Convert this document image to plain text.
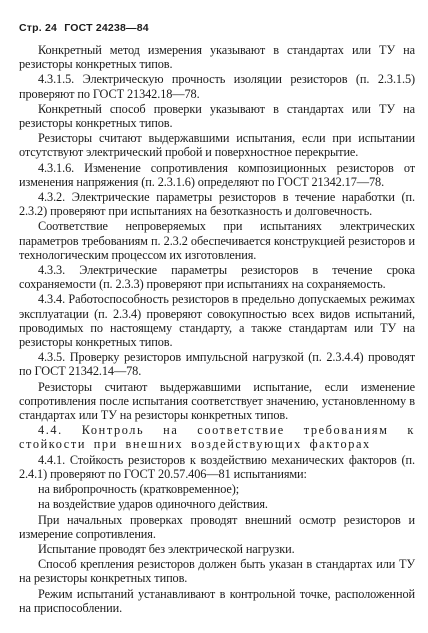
Стр. 24 ГОСТ 24238—84

Конкретный метод измерения указывают в стандартах или ТУ на резисторы конкретных типов.

4.3.1.5. Электрическую прочность изоляции резисторов (п. 2.3.1.5) проверяют по ГОСТ 21342.18—78.

Конкретный способ проверки указывают в стандартах или ТУ на резисторы конкретных типов.

Резисторы считают выдержавшими испытания, если при испытании отсутствуют электрический пробой и поверхностное перекрытие.

4.3.1.6. Изменение сопротивления композиционных резисторов от изменения напряжения (п. 2.3.1.6) определяют по ГОСТ 21342.17—78.

4.3.2. Электрические параметры резисторов в течение наработки (п. 2.3.2) проверяют при испытаниях на безотказность и долговечность.

Соответствие непроверяемых при испытаниях электрических параметров требованиям п. 2.3.2 обеспечивается конструкцией резисторов и технологическим процессом их изготовления.

4.3.3. Электрические параметры резисторов в течение срока сохраняемости (п. 2.3.3) проверяют при испытаниях на сохраняемость.

4.3.4. Работоспособность резисторов в предельно допускаемых режимах эксплуатации (п. 2.3.4) проверяют совокупностью всех видов испытаний, проводимых по настоящему стандарту, а также стандартам или ТУ на резисторы конкретных типов.

4.3.5. Проверку резисторов импульсной нагрузкой (п. 2.3.4.4) проводят по ГОСТ 21342.14—78.

Резисторы считают выдержавшими испытание, если изменение сопротивления после испытания соответствует значению, установленному в стандартах или ТУ на резисторы конкретных типов.

4.4. Контроль на соответствие требованиям к стойкости при внешних воздействующих факторах

4.4.1. Стойкость резисторов к воздействию механических факторов (п. 2.4.1) проверяют по ГОСТ 20.57.406—81 испытаниями:

на вибропрочность (кратковременное);

на воздействие ударов одиночного действия.

При начальных проверках проводят внешний осмотр резисторов и измерение сопротивления.

Испытание проводят без электрической нагрузки.

Способ крепления резисторов должен быть указан в стандартах или ТУ на резисторы конкретных типов.

Режим испытаний устанавливают в контрольной точке, расположенной на приспособлении.
